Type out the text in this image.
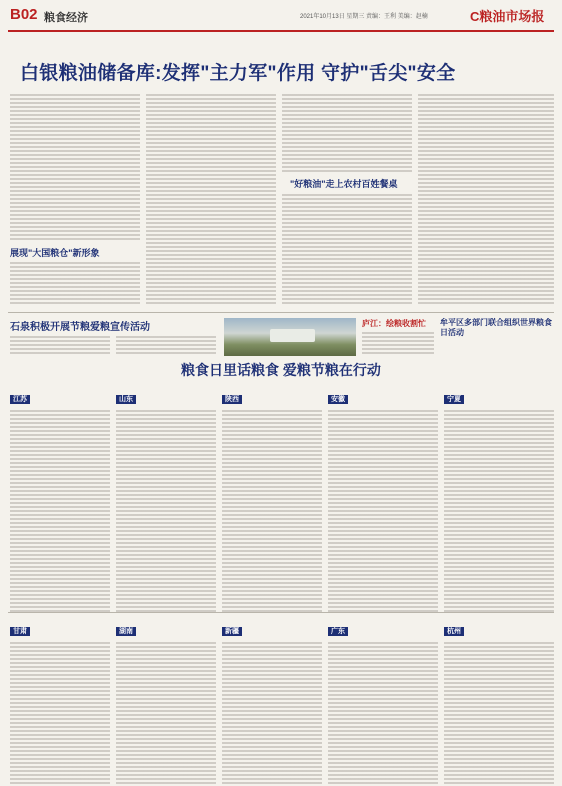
B02 粮食经济	2021年10月13日 星期三 责编：王利 美编：赵楠	C粮油市场报
白银粮油储备库:发挥"主力军"作用 守护"舌尖"安全
展现"大国粮仓"新形象
"好粮油"走上农村百姓餐桌
石泉积极开展节粮爱粮宣传活动	庐江：绘粮收割忙 牟平区多部门联合组织世界粮食日活动
粮食日里话粮食 爱粮节粮在行动
江苏	山东	陕西	安徽	宁夏
甘肃	湖南	新疆	广东	杭州
